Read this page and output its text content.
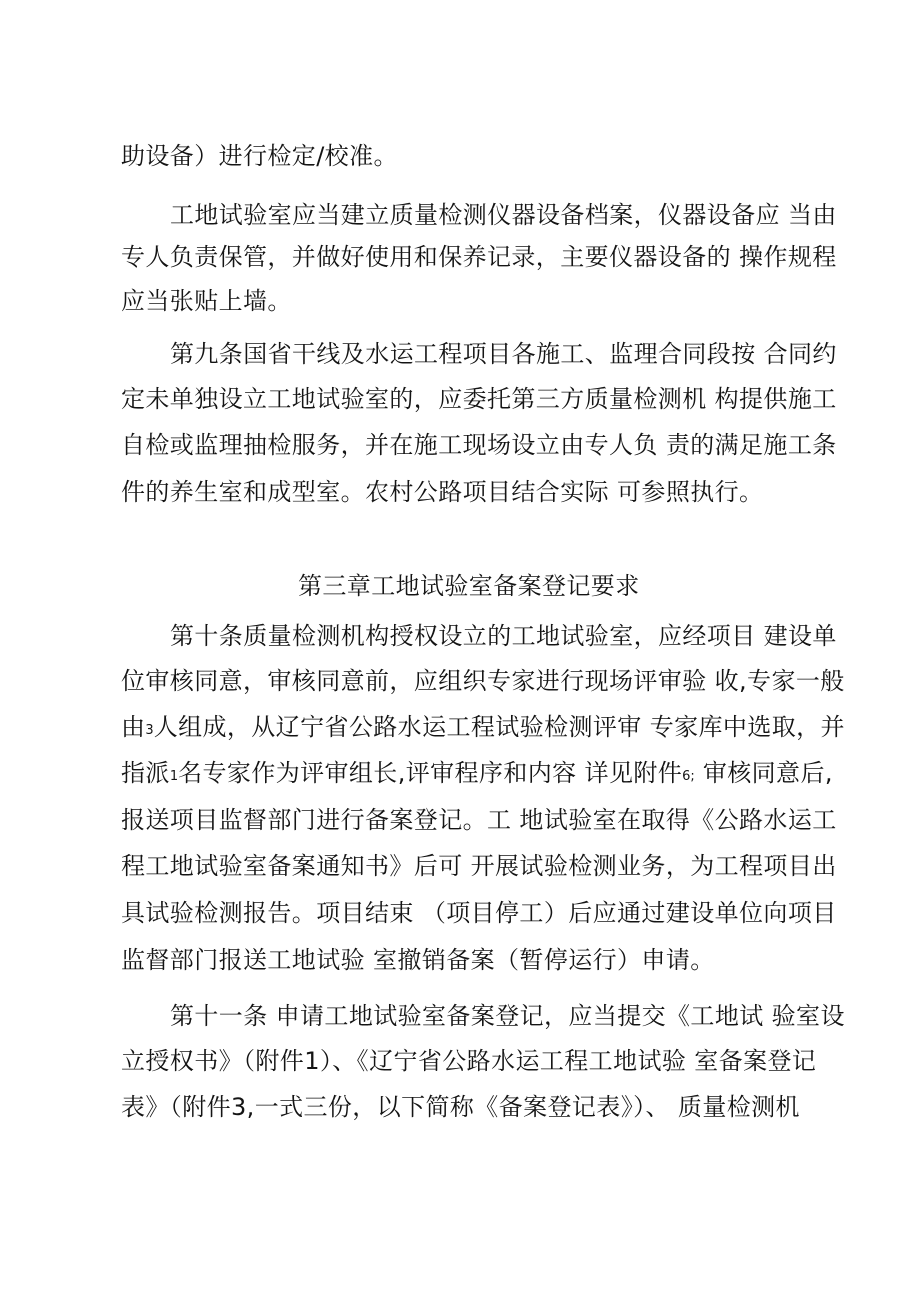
助设备）进行检定/校准。
工地试验室应当建立质量检测仪器设备档案，仪器设备应 当由
专人负责保管，并做好使用和保养记录，主要仪器设备的 操作规程
应当张贴上墙。
第九条国省干线及水运工程项目各施工、监理合同段按 合同约
定未单独设立工地试验室的，应委托第三方质量检测机 构提供施工
自检或监理抽检服务，并在施工现场设立由专人负 责的满足施工条
件的养生室和成型室。农村公路项目结合实际 可参照执行。
第三章工地试验室备案登记要求
第十条质量检测机构授权设立的工地试验室，应经项目 建设单
位审核同意，审核同意前，应组织专家进行现场评审验 收,专家一般
由3人组成，从辽宁省公路水运工程试验检测评审 专家库中选取，并
指派1名专家作为评审组长,评审程序和内容 详见附件6; 审核同意后,
报送项目监督部门进行备案登记。工 地试验室在取得《公路水运工
程工地试验室备案通知书》后可 开展试验检测业务，为工程项目出
具试验检测报告。项目结束 （项目停工）后应通过建设单位向项目
监督部门报送工地试验 室撤销备案（暂停运行）申请。
第十一条 申请工地试验室备案登记，应当提交《工地试 验室设
立授权书》（附件1）、《辽宁省公路水运工程工地试验 室备案登记
表》（附件3,一式三份，以下简称《备案登记表》）、 质量检测机
